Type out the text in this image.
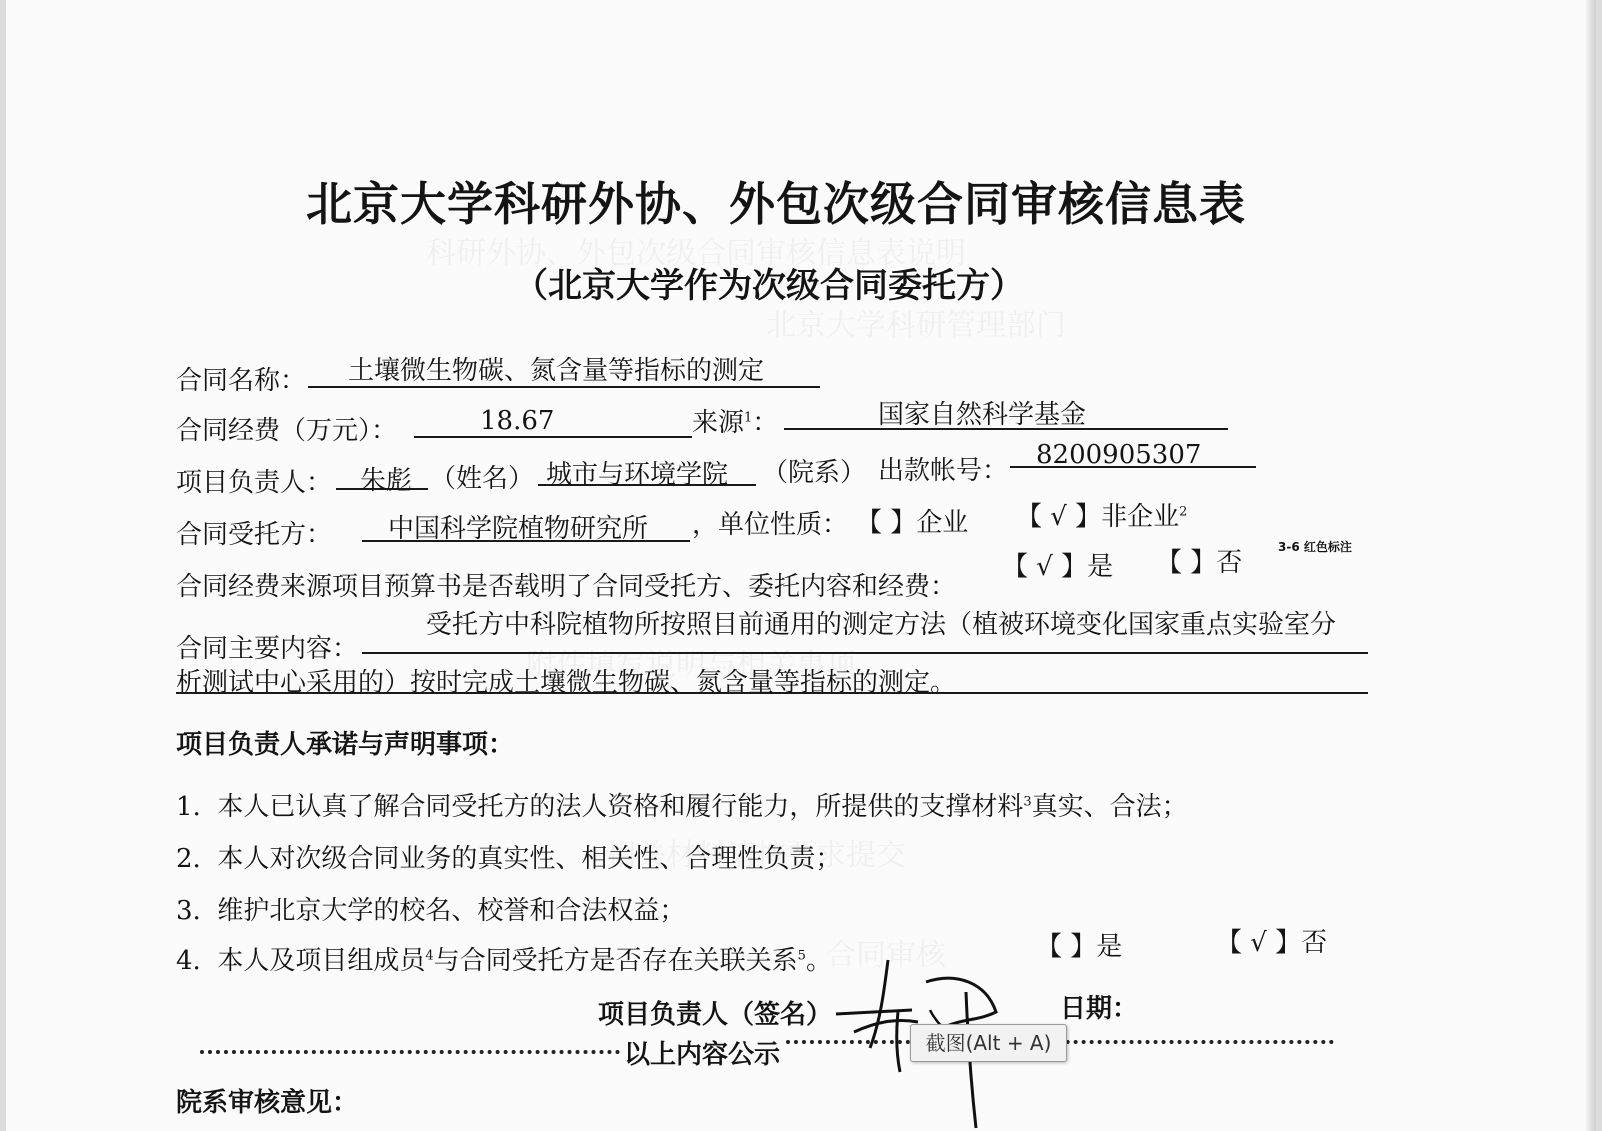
北京大学科研外协、外包次级合同审核信息表
（北京大学作为次级合同委托方）
合同名称： 土壤微生物碳、氮含量等指标的测定
合同经费（万元）：	18.67	来源$^1$：	国家自然科学基金
项目负责人： 朱彪 （姓名） 城市与环境学院 （院系） 出款帐号：
8200905307
合同受托方： 中国科学院植物研究所 ，单位性质： 【 】企业 【 √ 】非企业$^2$
合同经费来源项目预算书是否载明了合同受托方、委托内容和经费：
【 √ 】是 【 】否
3-6 红色标注
合同主要内容：
受托方中科院植物所按照目前通用的测定方法（植被环境变化国家重点实验室分
析测试中心采用的）按时完成土壤微生物碳、氮含量等指标的测定。
项目负责人承诺与声明事项：
1. 本人已认真了解合同受托方的法人资格和履行能力，所提供的支撑材料$^3$真实、合法；
2. 本人对次级合同业务的真实性、相关性、合理性负责；
3. 维护北京大学的校名、校誉和合法权益；
4. 本人及项目组成员$^4$与合同受托方是否存在关联关系$^5$。	【 】是	【 √ 】否
项目负责人（签名）	日期：
以上内容公示
院系审核意见：
截图(Alt + A)
